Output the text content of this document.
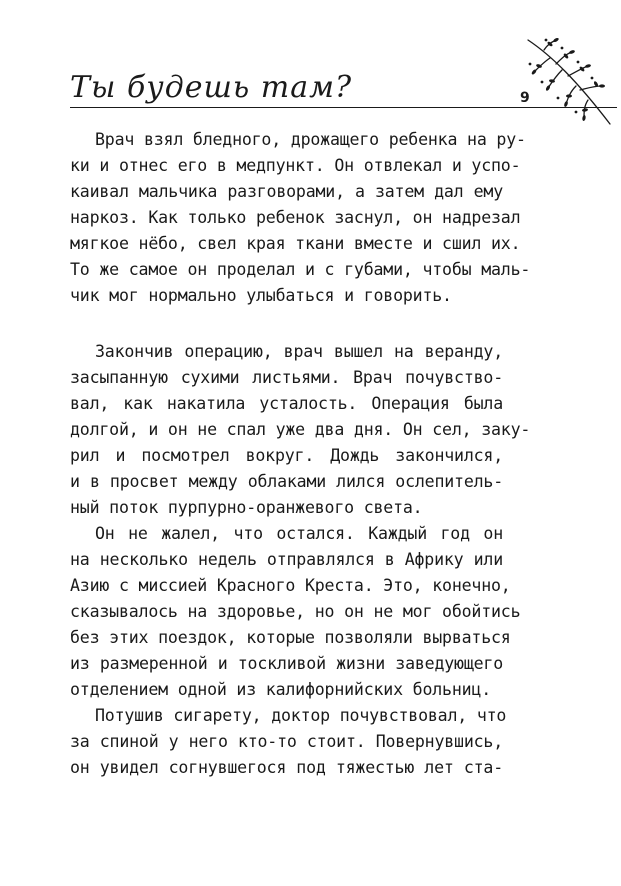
Ты будешь там?	9
Врач взял бледного, дрожащего ребенка на ру-
ки и отнес его в медпункт. Он отвлекал и успо-
каивал мальчика разговорами, а затем дал ему
наркоз. Как только ребенок заснул, он надрезал
мягкое нёбо, свел края ткани вместе и сшил их.
То же самое он проделал и с губами, чтобы маль-
чик мог нормально улыбаться и говорить.
Закончив операцию, врач вышел на веранду,
засыпанную сухими листьями. Врач почувство-
вал, как накатила усталость. Операция была
долгой, и он не спал уже два дня. Он сел, заку-
рил и посмотрел вокруг. Дождь закончился,
и в просвет между облаками лился ослепитель-
ный поток пурпурно-оранжевого света.
Он не жалел, что остался. Каждый год он
на несколько недель отправлялся в Африку или
Азию с миссией Красного Креста. Это, конечно,
сказывалось на здоровье, но он не мог обойтись
без этих поездок, которые позволяли вырваться
из размеренной и тоскливой жизни заведующего
отделением одной из калифорнийских больниц.
Потушив сигарету, доктор почувствовал, что
за спиной у него кто-то стоит. Повернувшись,
он увидел согнувшегося под тяжестью лет ста-
